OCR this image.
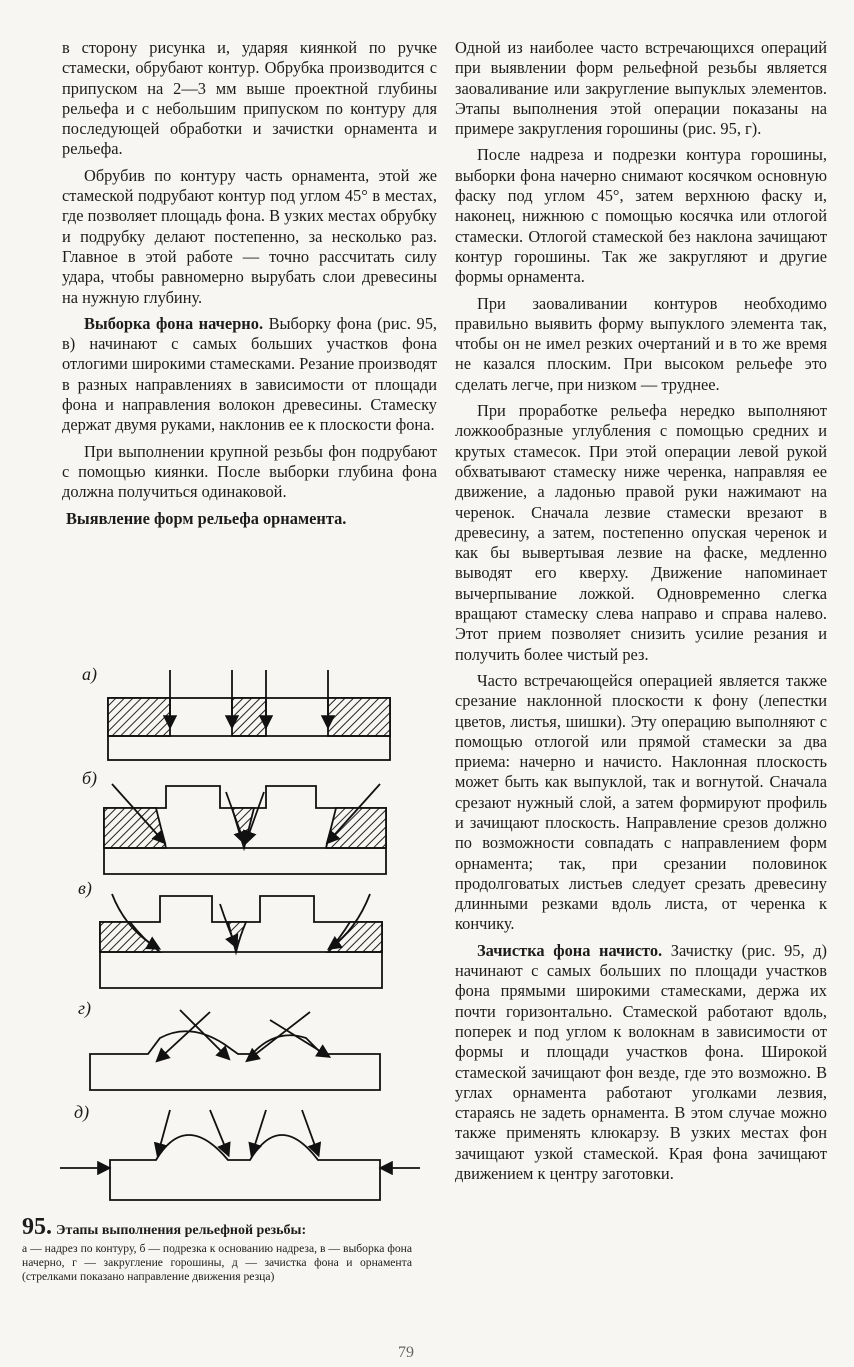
в сторону рисунка и, ударяя киянкой по ручке стамески, обрубают контур. Обрубка производится с припуском на 2—3 мм выше проектной глубины рельефа и с небольшим припуском по контуру для последующей обработки и зачистки орнамента и рельефа.

Обрубив по контуру часть орнамента, этой же стамеской подрубают контур под углом 45° в местах, где позволяет площадь фона. В узких местах обрубку и подрубку делают постепенно, за несколько раз. Главное в этой работе — точно рассчитать силу удара, чтобы равномерно вырубать слои древесины на нужную глубину.

Выборка фона начерно. Выборку фона (рис. 95, в) начинают с самых больших участков фона отлогими широкими стамесками. Резание производят в разных направлениях в зависимости от площади фона и направления волокон древесины. Стамеску держат двумя руками, наклонив ее к плоскости фона.

При выполнении крупной резьбы фон подрубают с помощью киянки. После выборки глубина фона должна получиться одинаковой.

Выявление форм рельефа орнамента.
а)
б)
в)
г)
д)
95. Этапы выполнения рельефной резьбы:
а — надрез по контуру, б — подрезка к основанию надреза, в — выборка фона начерно, г — закругление горошины, д — зачистка фона и орнамента (стрелками показано направление движения резца)

Одной из наиболее часто встречающихся операций при выявлении форм рельефной резьбы является заоваливание или закругление выпуклых элементов. Этапы выполнения этой операции показаны на примере закругления горошины (рис. 95, г).

После надреза и подрезки контура горошины, выборки фона начерно снимают косячком основную фаску под углом 45°, затем верхнюю фаску и, наконец, нижнюю с помощью косячка или отлогой стамески. Отлогой стамеской без наклона зачищают контур горошины. Так же закругляют и другие формы орнамента.

При заоваливании контуров необходимо правильно выявить форму выпуклого элемента так, чтобы он не имел резких очертаний и в то же время не казался плоским. При высоком рельефе это сделать легче, при низком — труднее.

При проработке рельефа нередко выполняют ложкообразные углубления с помощью средних и крутых стамесок. При этой операции левой рукой обхватывают стамеску ниже черенка, направляя ее движение, а ладонью правой руки нажимают на черенок. Сначала лезвие стамески врезают в древесину, а затем, постепенно опуская черенок и как бы вывертывая лезвие на фаске, медленно выводят его кверху. Движение напоминает вычерпывание ложкой. Одновременно слегка вращают стамеску слева направо и справа налево. Этот прием позволяет снизить усилие резания и получить более чистый рез.

Часто встречающейся операцией является также срезание наклонной плоскости к фону (лепестки цветов, листья, шишки). Эту операцию выполняют с помощью отлогой или прямой стамески за два приема: начерно и начисто. Наклонная плоскость может быть как выпуклой, так и вогнутой. Сначала срезают нужный слой, а затем формируют профиль и зачищают плоскость. Направление срезов должно по возможности совпадать с направлением форм орнамента; так, при срезании половинок продолговатых листьев следует срезать древесину длинными резками вдоль листа, от черенка к кончику.

Зачистка фона начисто. Зачистку (рис. 95, д) начинают с самых больших по площади участков фона прямыми широкими стамесками, держа их почти горизонтально. Стамеской работают вдоль, поперек и под углом к волокнам в зависимости от формы и площади участков фона. Широкой стамеской зачищают фон везде, где это возможно. В углах орнамента работают уголками лезвия, стараясь не задеть орнамента. В этом случае можно также применять клюкарзу. В узких местах фон зачищают узкой стамеской. Края фона зачищают движением к центру заготовки.

79
